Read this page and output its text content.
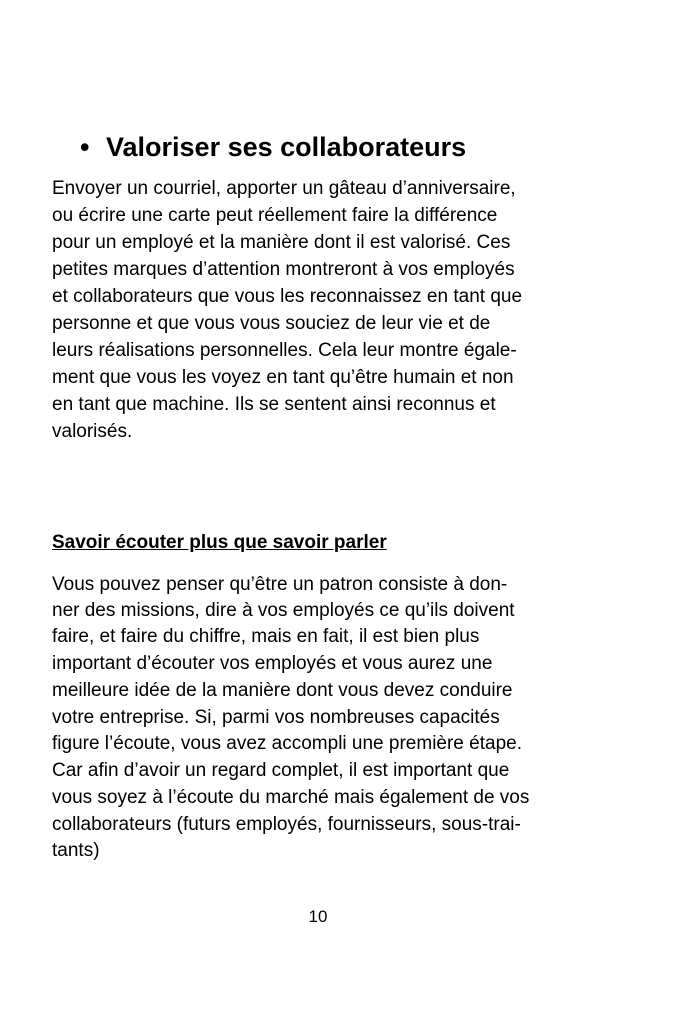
• Valoriser ses collaborateurs
Envoyer un courriel, apporter un gâteau d’anniversaire,
ou écrire une carte peut réellement faire la différence
pour un employé et la manière dont il est valorisé. Ces
petites marques d’attention montreront à vos employés
et collaborateurs que vous les reconnaissez en tant que
personne et que vous vous souciez de leur vie et de
leurs réalisations personnelles. Cela leur montre égale-
ment que vous les voyez en tant qu’être humain et non
en tant que machine. Ils se sentent ainsi reconnus et
valorisés.
Savoir écouter plus que savoir parler
Vous pouvez penser qu’être un patron consiste à don-
ner des missions, dire à vos employés ce qu’ils doivent
faire, et faire du chiffre, mais en fait, il est bien plus
important d’écouter vos employés et vous aurez une
meilleure idée de la manière dont vous devez conduire
votre entreprise. Si, parmi vos nombreuses capacités
figure l’écoute, vous avez accompli une première étape.
Car afin d’avoir un regard complet, il est important que
vous soyez à l’écoute du marché mais également de vos
collaborateurs (futurs employés, fournisseurs, sous-trai-
tants)
10
